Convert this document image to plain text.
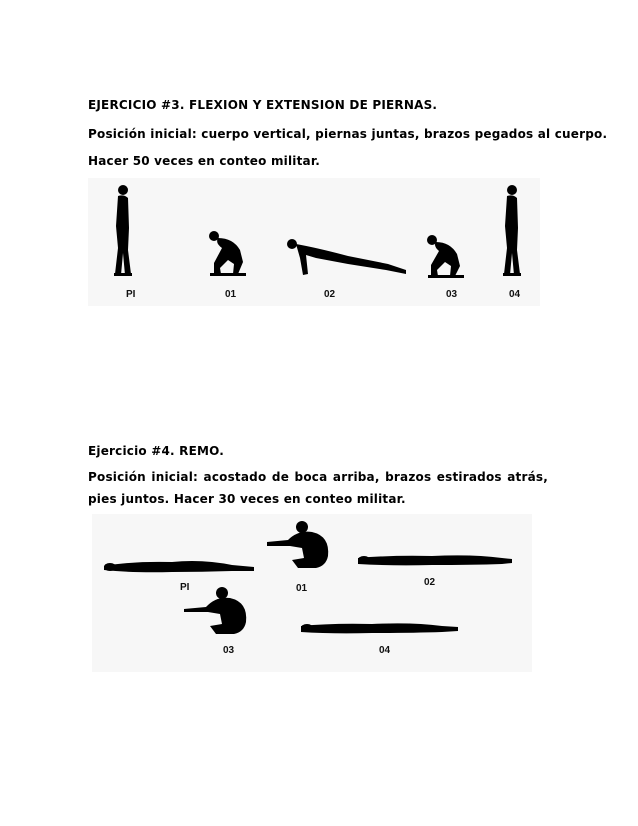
EJERCICIO #3. FLEXION Y EXTENSION DE PIERNAS.
Posición inicial: cuerpo vertical, piernas juntas, brazos pegados al cuerpo.
Hacer 50 veces en conteo militar.
PI	01	02	03	04
Ejercicio #4. REMO.
Posición inicial: acostado de boca arriba, brazos estirados atrás, pies juntos. Hacer 30 veces en conteo militar.
PI	01
02
03	04
